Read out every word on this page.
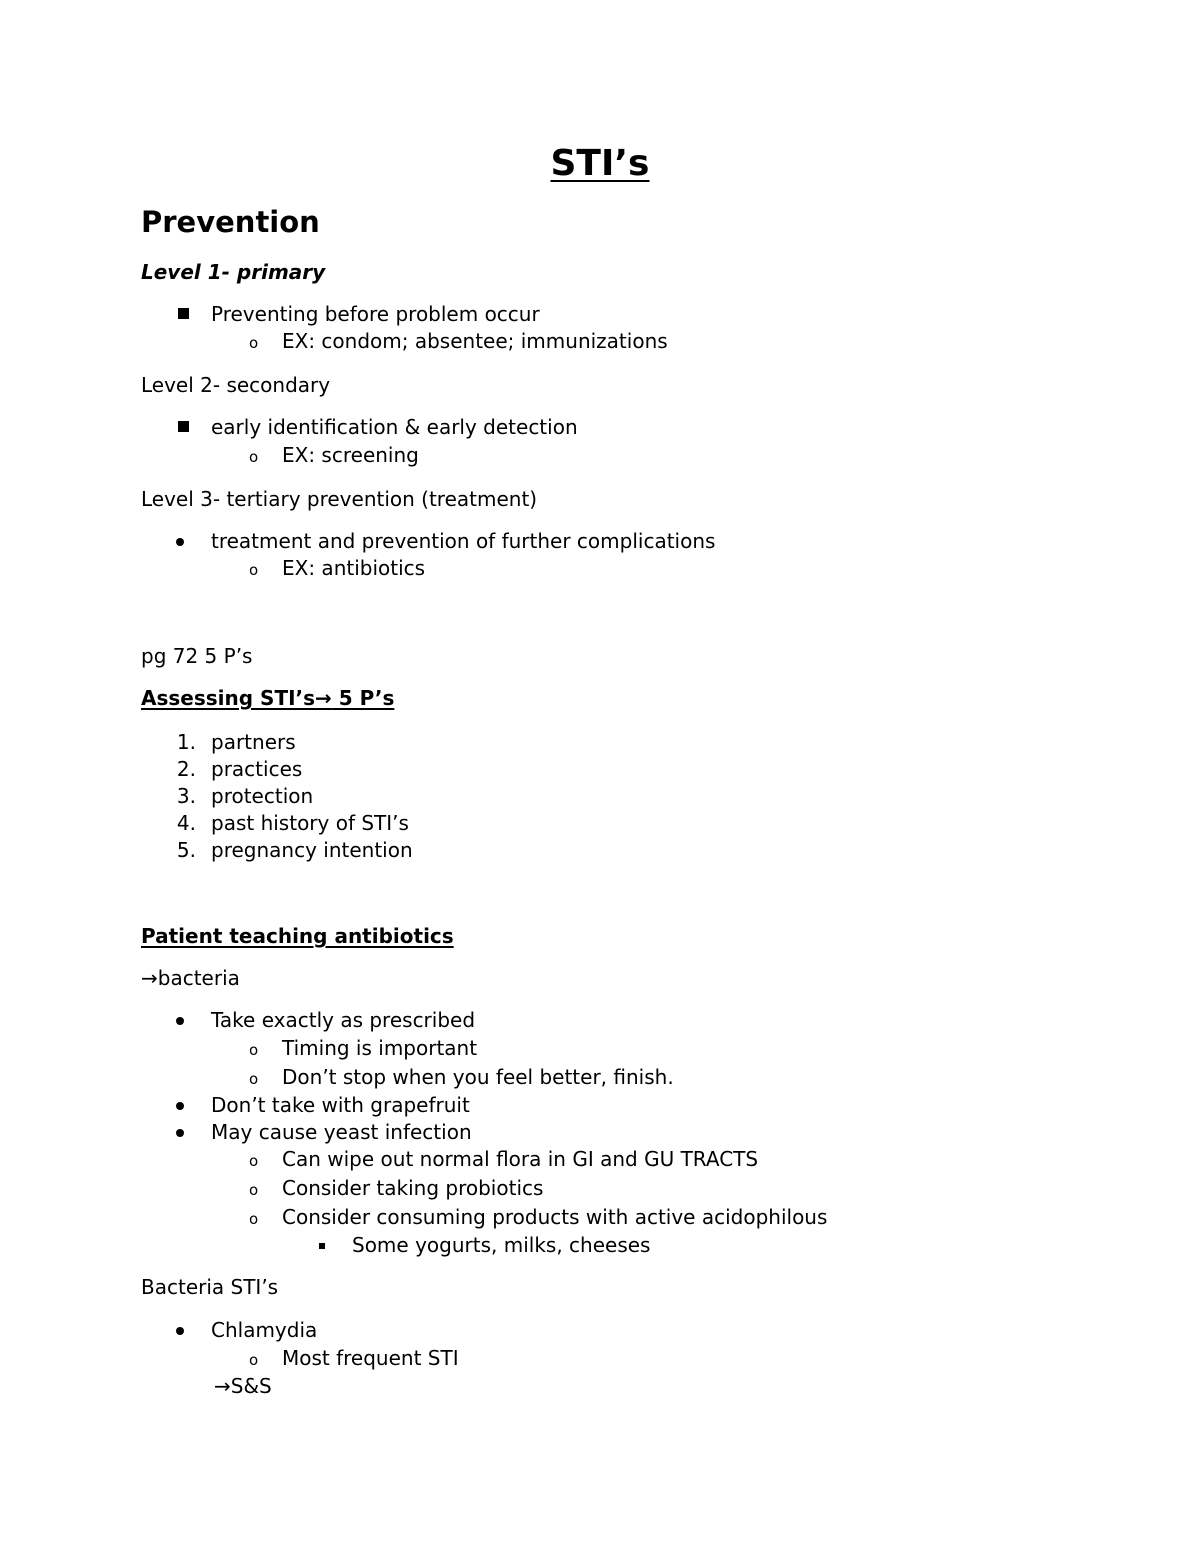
STI’s
Prevention
Level 1- primary
Preventing before problem occur
o EX: condom; absentee; immunizations
Level 2- secondary
early identification & early detection
o EX: screening
Level 3- tertiary prevention (treatment)
treatment and prevention of further complications
o EX: antibiotics
pg 72 5 P’s
Assessing STI’s→ 5 P’s
1. partners
2. practices
3. protection
4. past history of STI’s
5. pregnancy intention
Patient teaching antibiotics
→bacteria
Take exactly as prescribed
o Timing is important
o Don’t stop when you feel better, finish.
Don’t take with grapefruit
May cause yeast infection
o Can wipe out normal flora in GI and GU TRACTS
o Consider taking probiotics
o Consider consuming products with active acidophilous
Some yogurts, milks, cheeses
Bacteria STI’s
Chlamydia
o Most frequent STI
→S&S
